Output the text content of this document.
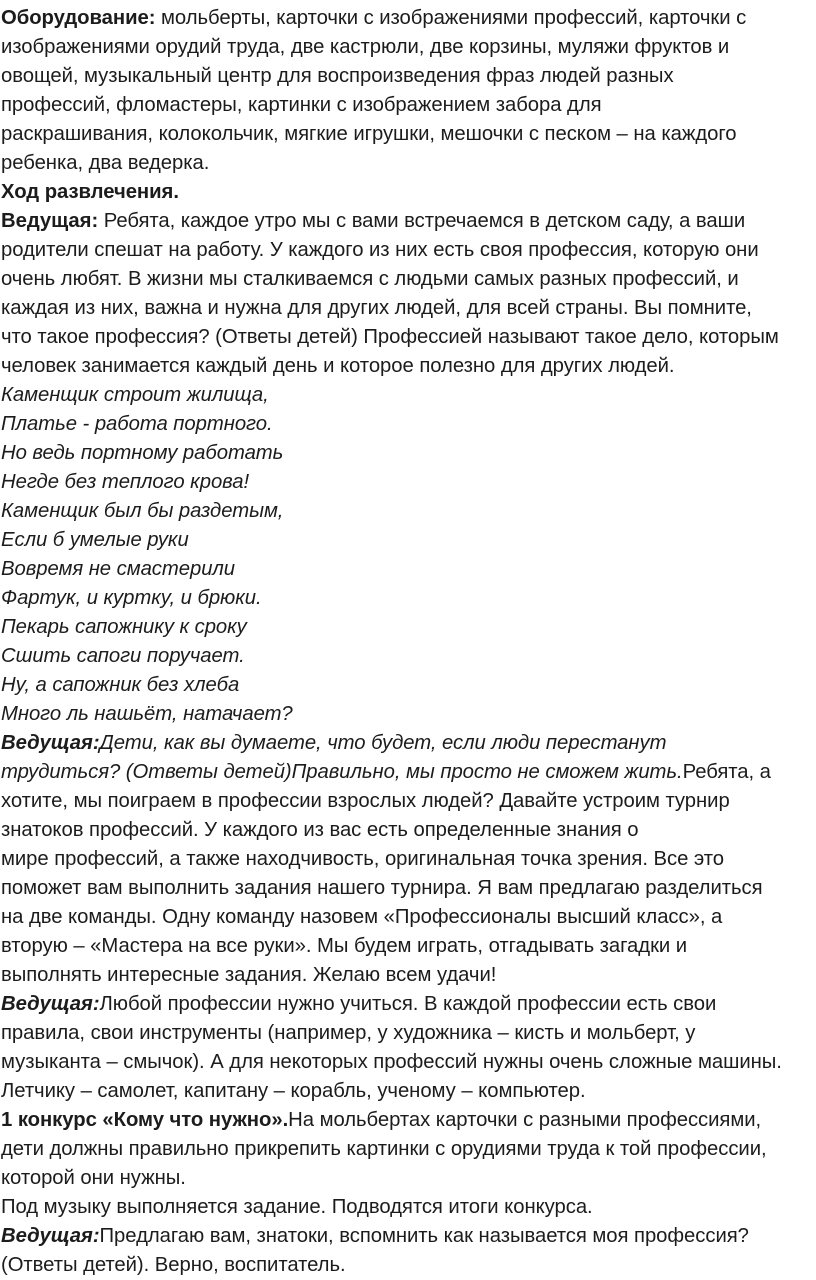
Оборудование: мольберты, карточки с изображениями профессий, карточки с
изображениями орудий труда, две кастрюли, две корзины, муляжи фруктов и
овощей, музыкальный центр для воспроизведения фраз людей разных
профессий, фломастеры, картинки с изображением забора для
раскрашивания, колокольчик, мягкие игрушки, мешочки с песком – на каждого
ребенка, два ведерка.
Ход развлечения.
Ведущая: Ребята, каждое утро мы с вами встречаемся в детском саду, а ваши
родители спешат на работу. У каждого из них есть своя профессия, которую они
очень любят. В жизни мы сталкиваемся с людьми самых разных профессий, и
каждая из них, важна и нужна для других людей, для всей страны. Вы помните,
что такое профессия? (Ответы детей) Профессией называют такое дело, которым
человек занимается каждый день и которое полезно для других людей.
Каменщик строит жилища,
Платье - работа портного.
Но ведь портному работать
Негде без теплого крова!
Каменщик был бы раздетым,
Если б умелые руки
Вовремя не смастерили
Фартук, и куртку, и брюки.
Пекарь сапожнику к сроку
Сшить сапоги поручает.
Ну, а сапожник без хлеба
Много ль нашьёт, натачает?
Ведущая:Дети, как вы думаете, что будет, если люди перестанут
трудиться? (Ответы детей)Правильно, мы просто не сможем жить.Ребята, а
хотите, мы поиграем в профессии взрослых людей? Давайте устроим турнир
знатоков профессий. У каждого из вас есть определенные знания о
мире профессий, а также находчивость, оригинальная точка зрения. Все это
поможет вам выполнить задания нашего турнира. Я вам предлагаю разделиться
на две команды. Одну команду назовем «Профессионалы высший класс», а
вторую – «Мастера на все руки». Мы будем играть, отгадывать загадки и
выполнять интересные задания. Желаю всем удачи!
Ведущая:Любой профессии нужно учиться. В каждой профессии есть свои
правила, свои инструменты (например, у художника – кисть и мольберт, у
музыканта – смычок). А для некоторых профессий нужны очень сложные машины.
Летчику – самолет, капитану – корабль, ученому – компьютер.
1 конкурс «Кому что нужно».На мольбертах карточки с разными профессиями,
дети должны правильно прикрепить картинки с орудиями труда к той профессии,
которой они нужны.
Под музыку выполняется задание. Подводятся итоги конкурса.
Ведущая:Предлагаю вам, знатоки, вспомнить как называется моя профессия?
(Ответы детей). Верно, воспитатель.
